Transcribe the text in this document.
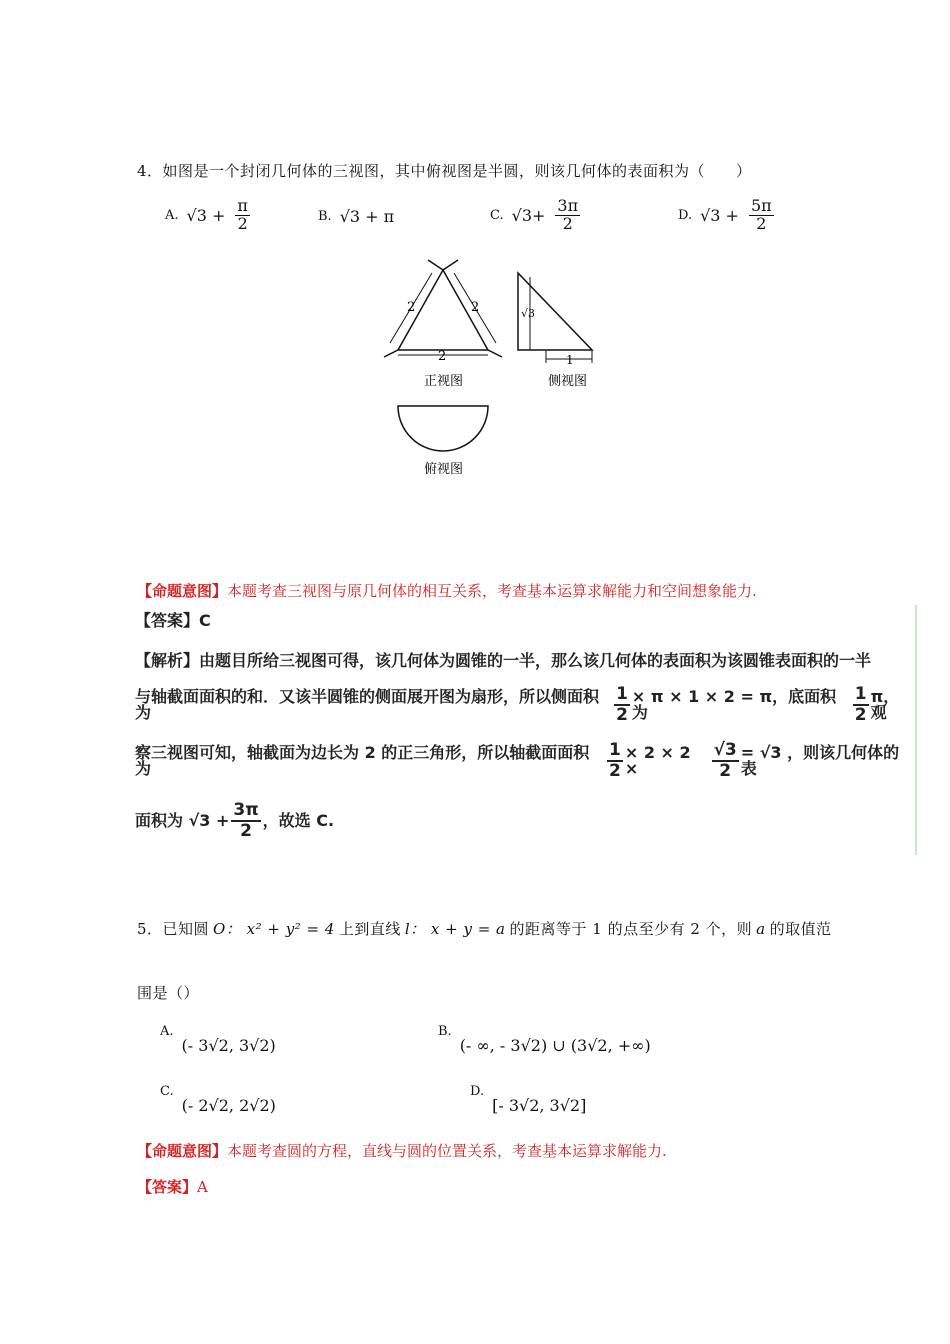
4．如图是一个封闭几何体的三视图，其中俯视图是半圆，则该几何体的表面积为（　　）
A. $√3 + \frac{\pi}{2}$	B. √3 + π	C. $√3+ \frac{3\pi}{2}$	D. $√3 + \frac{5\pi}{2}$
2	2
2
√3
1
正视图	侧视图
俯视图
【命题意图】本题考查三视图与原几何体的相互关系，考查基本运算求解能力和空间想象能力.
【答案】 C
【解析】 由题目所给三视图可得，该几何体为圆锥的一半，那么该几何体的表面积为该圆锥表面积的一半
与轴截面面积的和．又该半圆锥的侧面展开图为扇形，所以侧面积为	$\frac{1}{2} \times \pi \times 1 \times 2 = \pi$，底面积为	$\frac{1}{2}$ π，观
察三视图可知，轴截面为边长为 2 的正三角形，所以轴截面面积为	$\frac{1}{2} \times 2 \times 2$ ×	$\frac{√3}{2} = √3$ ，则该几何体的表
面积为 $√3 + \frac{3\pi}{2}$ ，故选 C.
5．已知圆 O： x² + y² = 4 上到直线 l： x + y = a 的距离等于 1 的点至少有 2 个，则 a 的取值范
围是（）
A.
(- 3√2, 3√2)
B.
(- ∞, - 3√2) ∪ (3√2, +∞)
C.
(- 2√2, 2√2)
D.
[- 3√2, 3√2]
【命题意图】本题考查圆的方程，直线与圆的位置关系，考查基本运算求解能力.
【答案】A
